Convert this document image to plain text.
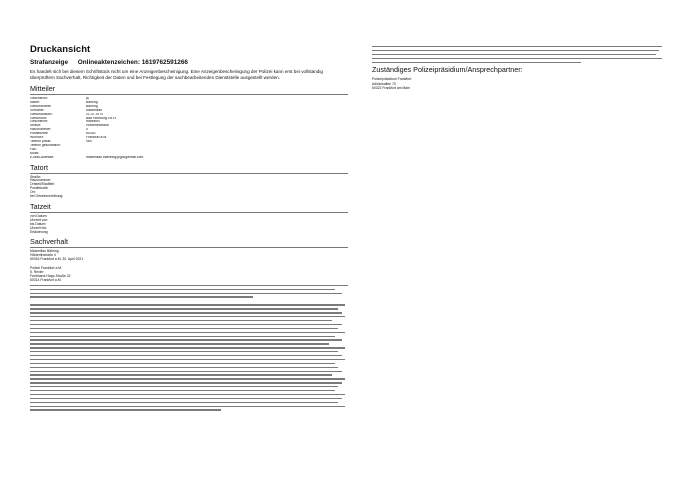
Druckansicht
Strafanzeige Onlineaktenzeichen: 1619762591266

Es handelt sich bei diesem Schriftstück nicht um eine Anzeigenbescheinigung. Eine Anzeigenbescheinigung der Polizei kann erst bei vollständig überprüftem Sachverhalt, Richtigkeit der Daten und bei Festlegung der sachbearbeitenden Dienststelle ausgestellt werden.

Mitteiler
Geschlecht:	ja
Name:	Bähring
Geburtsname:	Bähring
Vorname:	Maximilian
Geburtsdatum:	21.07.1970
Geburtsort:	Bad Homburg v.d.H.
Geschlecht:	männlich
Straße:	Hölderlinstraße
Hausnummer:	4
Postleitzahl:	60316
Wohnort:	Frankfurt a.M.
Telefon privat:	069
Telefon geschäftlich:
Fax:
Mobil:
E-Mail-Adresse:	maximilian.baehring@googlemail.com
Tatort
Straße:
Hausnummer:
Ortsteil/Stadtteil:
Postleitzahl:
Ort:
bei Ortsbeschreibung:
Tatzeit
von Datum:
Uhrzeit von:
bis Datum:
Uhrzeit bis:
Erläuterung:
Sachverhalt
Maximilian Bähring
Hölderlinstraße 4
60316 Frankfurt a.M. 30. April 2021
Polizei Frankfurt a.M.
5. Revier
Ferdinand-Happ-Straße 32
60314 Frankfurt a.M.
Zuständiges Polizeipräsidium/Ansprechpartner:
Polizeipräsidium Frankfurt
Adickesallee 70
60322 Frankfurt am Main
